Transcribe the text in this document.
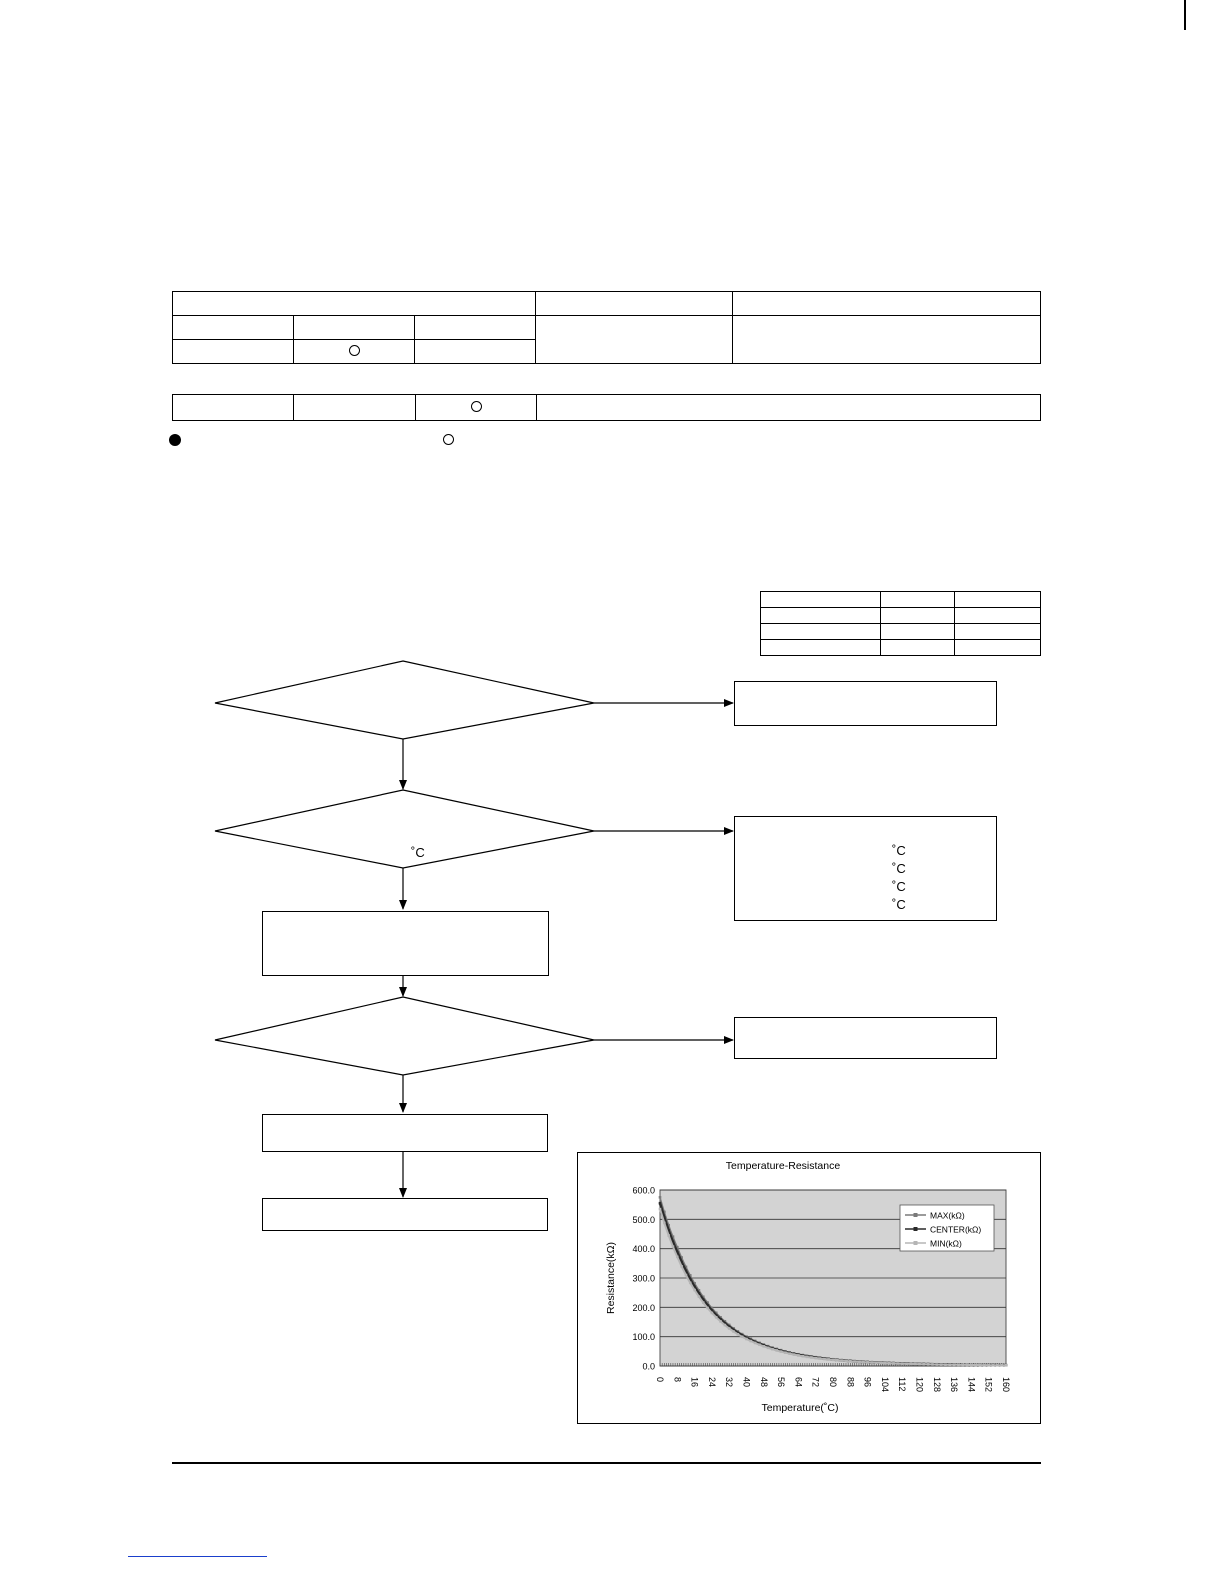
˚C	˚C
˚C
˚C
˚C
0.0
100.0
200.0
300.0
400.0
500.0
600.0
0 8 16 24 32 40 48 56 64 72 80 88 96 104 112 120 128 136 144 152 160
Temperature-Resistance
Temperature(˚C)
Resistance(kΩ)
MAX(kΩ)
CENTER(kΩ)
MIN(kΩ)
